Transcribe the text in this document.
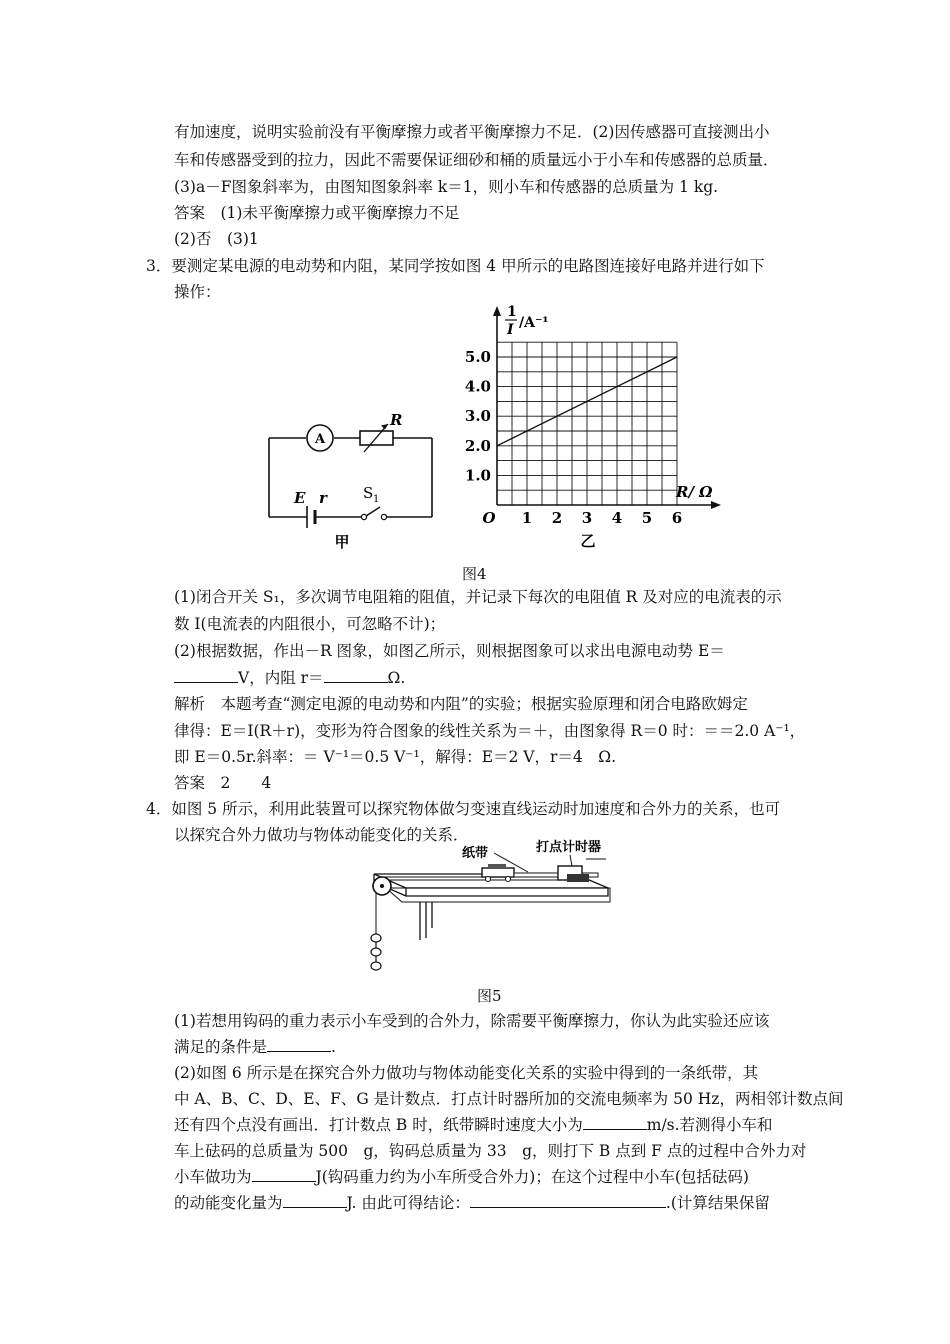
有加速度，说明实验前没有平衡摩擦力或者平衡摩擦力不足．(2)因传感器可直接测出小
车和传感器受到的拉力，因此不需要保证细砂和桶的质量远小于小车和传感器的总质量．
(3)a－F图象斜率为，由图知图象斜率 k＝1，则小车和传感器的总质量为 1 kg.
答案　(1)未平衡摩擦力或平衡摩擦力不足
(2)否　(3)1
3．要测定某电源的电动势和内阻，某同学按如图 4 甲所示的电路图连接好电路并进行如下
操作：
A
R
E r S 1
甲
1 2 3 4 5 6
1.0
2.0
3.0
4.0
5.0
1
I /A⁻¹
R/ Ω
O
乙
图4
(1)闭合开关 S₁，多次调节电阻箱的阻值，并记录下每次的电阻值 R 及对应的电流表的示
数 I(电流表的内阻很小，可忽略不计)；
(2)根据数据，作出－R 图象，如图乙所示，则根据图象可以求出电源电动势 E＝
V，内阻 r＝	Ω.
解析　本题考查“测定电源的电动势和内阻”的实验；根据实验原理和闭合电路欧姆定
律得：E＝I(R＋r)，变形为符合图象的线性关系为＝＋，由图象得 R＝0 时：＝＝2.0 A⁻¹，
即 E＝0.5r.斜率：＝ V⁻¹＝0.5 V⁻¹，解得：E＝2 V，r＝4　Ω.
答案　2　　4
4．如图 5 所示，利用此装置可以探究物体做匀变速直线运动时加速度和合外力的关系，也可
以探究合外力做功与物体动能变化的关系．
纸带	打点计时器
图5
(1)若想用钩码的重力表示小车受到的合外力，除需要平衡摩擦力，你认为此实验还应该
满足的条件是	.
(2)如图 6 所示是在探究合外力做功与物体动能变化关系的实验中得到的一条纸带，其
中 A、B、C、D、E、F、G 是计数点．打点计时器所加的交流电频率为 50 Hz，两相邻计数点间
还有四个点没有画出．打计数点 B 时，纸带瞬时速度大小为	m/s.若测得小车和
车上砝码的总质量为 500　g，钩码总质量为 33　g，则打下 B 点到 F 点的过程中合外力对
小车做功为	J(钩码重力约为小车所受合外力)；在这个过程中小车(包括砝码)
的动能变化量为	J. 由此可得结论：	.(计算结果保留
